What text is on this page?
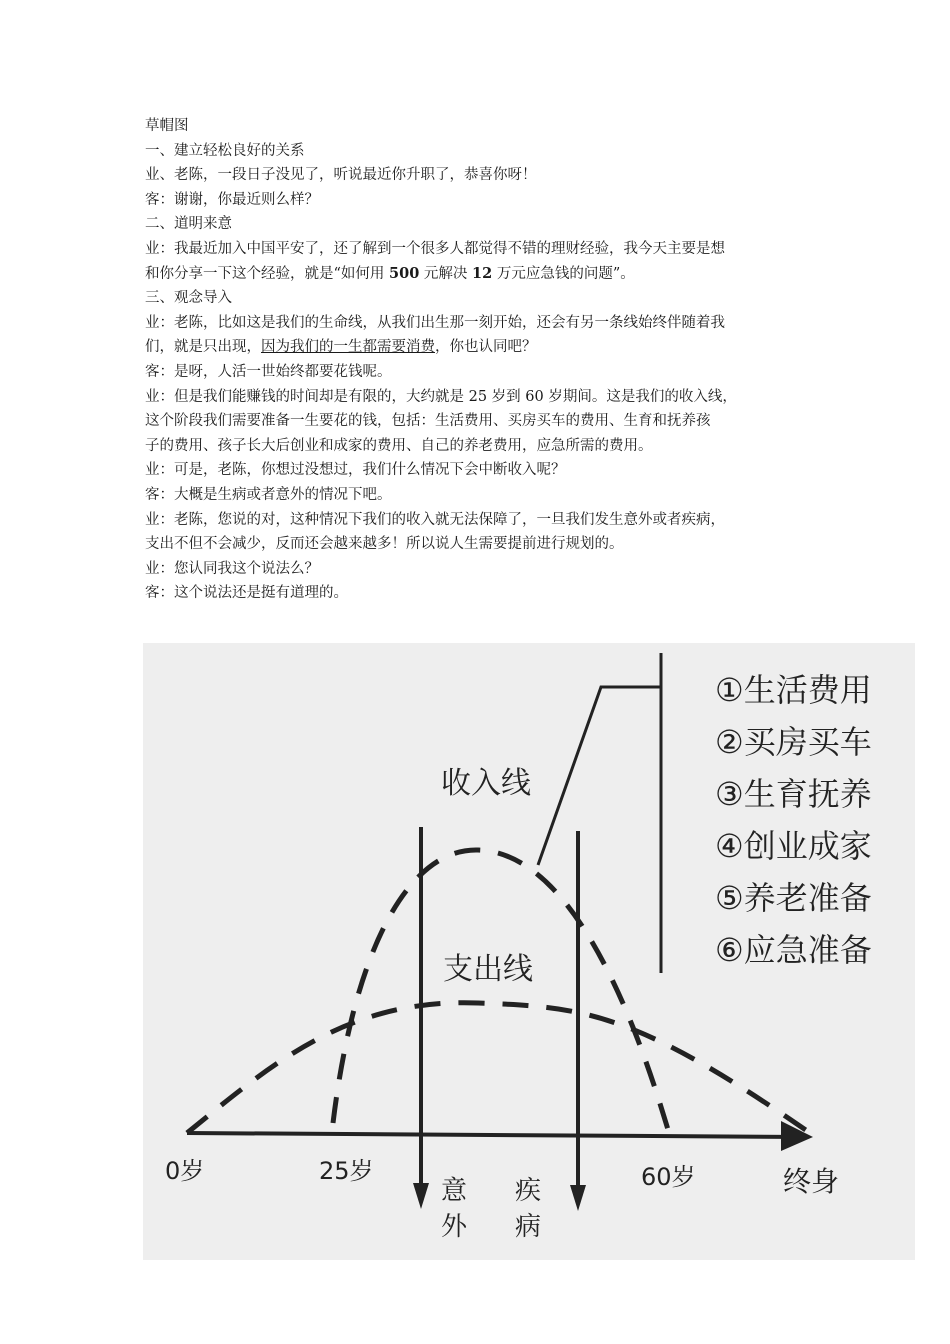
草帽图

一、建立轻松良好的关系

业、老陈，一段日子没见了，听说最近你升职了，恭喜你呀！

客：谢谢，你最近则么样？

二、道明来意

业：我最近加入中国平安了，还了解到一个很多人都觉得不错的理财经验，我今天主要是想

和你分享一下这个经验，就是“如何用 500 元解决 12 万元应急钱的问题”。

三、观念导入

业：老陈，比如这是我们的生命线，从我们出生那一刻开始，还会有另一条线始终伴随着我

们，就是只出现，因为我们的一生都需要消费，你也认同吧？

客：是呀，人活一世始终都要花钱呢。

业：但是我们能赚钱的时间却是有限的，大约就是 25 岁到 60 岁期间。这是我们的收入线，

这个阶段我们需要准备一生要花的钱，包括：生活费用、买房买车的费用、生育和抚养孩

子的费用、孩子长大后创业和成家的费用、自己的养老费用，应急所需的费用。

业：可是，老陈，你想过没想过，我们什么情况下会中断收入呢？

客：大概是生病或者意外的情况下吧。

业：老陈，您说的对，这种情况下我们的收入就无法保障了，一旦我们发生意外或者疾病，

支出不但不会减少，反而还会越来越多！所以说人生需要提前进行规划的。

业：您认同我这个说法么？

客：这个说法还是挺有道理的。

收入线
支出线
0岁	25岁	60岁	终身
意外
疾病
①生活费用
②买房买车
③生育抚养
④创业成家
⑤养老准备
⑥应急准备
